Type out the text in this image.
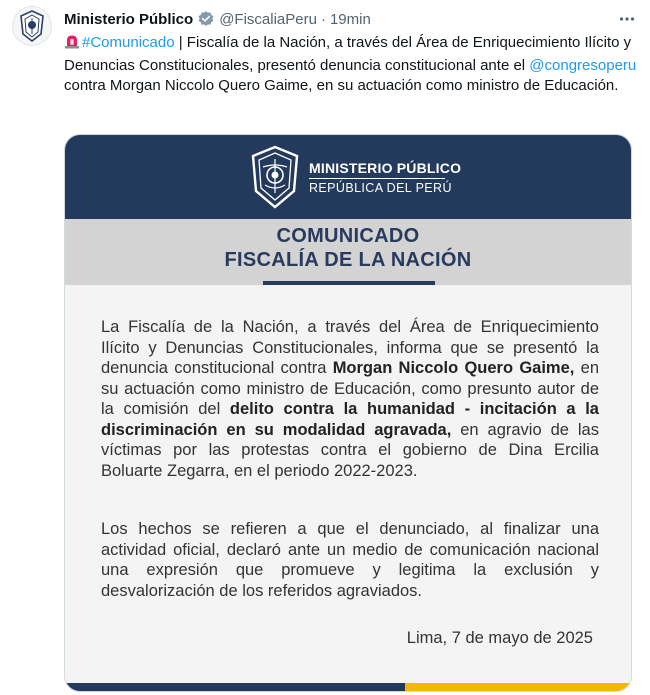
Ministerio Público @FiscaliaPeru · 19min
#Comunicado | Fiscalía de la Nación, a través del Área de Enriquecimiento Ilícito y Denuncias Constitucionales, presentó denuncia constitucional ante el @congresoperu contra Morgan Niccolo Quero Gaime, en su actuación como ministro de Educación.
MINISTERIO PÚBLICO
REPÚBLICA DEL PERÚ
COMUNICADO
FISCALÍA DE LA NACIÓN
La Fiscalía de la Nación, a través del Área de Enriquecimiento Ilícito y Denuncias Constitucionales, informa que se presentó la denuncia constitucional contra Morgan Niccolo Quero Gaime, en su actuación como ministro de Educación, como presunto autor de la comisión del delito contra la humanidad - incitación a la discriminación en su modalidad agravada, en agravio de las víctimas por las protestas contra el gobierno de Dina Ercilia Boluarte Zegarra, en el periodo 2022-2023.
Los hechos se refieren a que el denunciado, al finalizar una actividad oficial, declaró ante un medio de comunicación nacional una expresión que promueve y legitima la exclusión y desvalorización de los referidos agraviados.
Lima, 7 de mayo de 2025
